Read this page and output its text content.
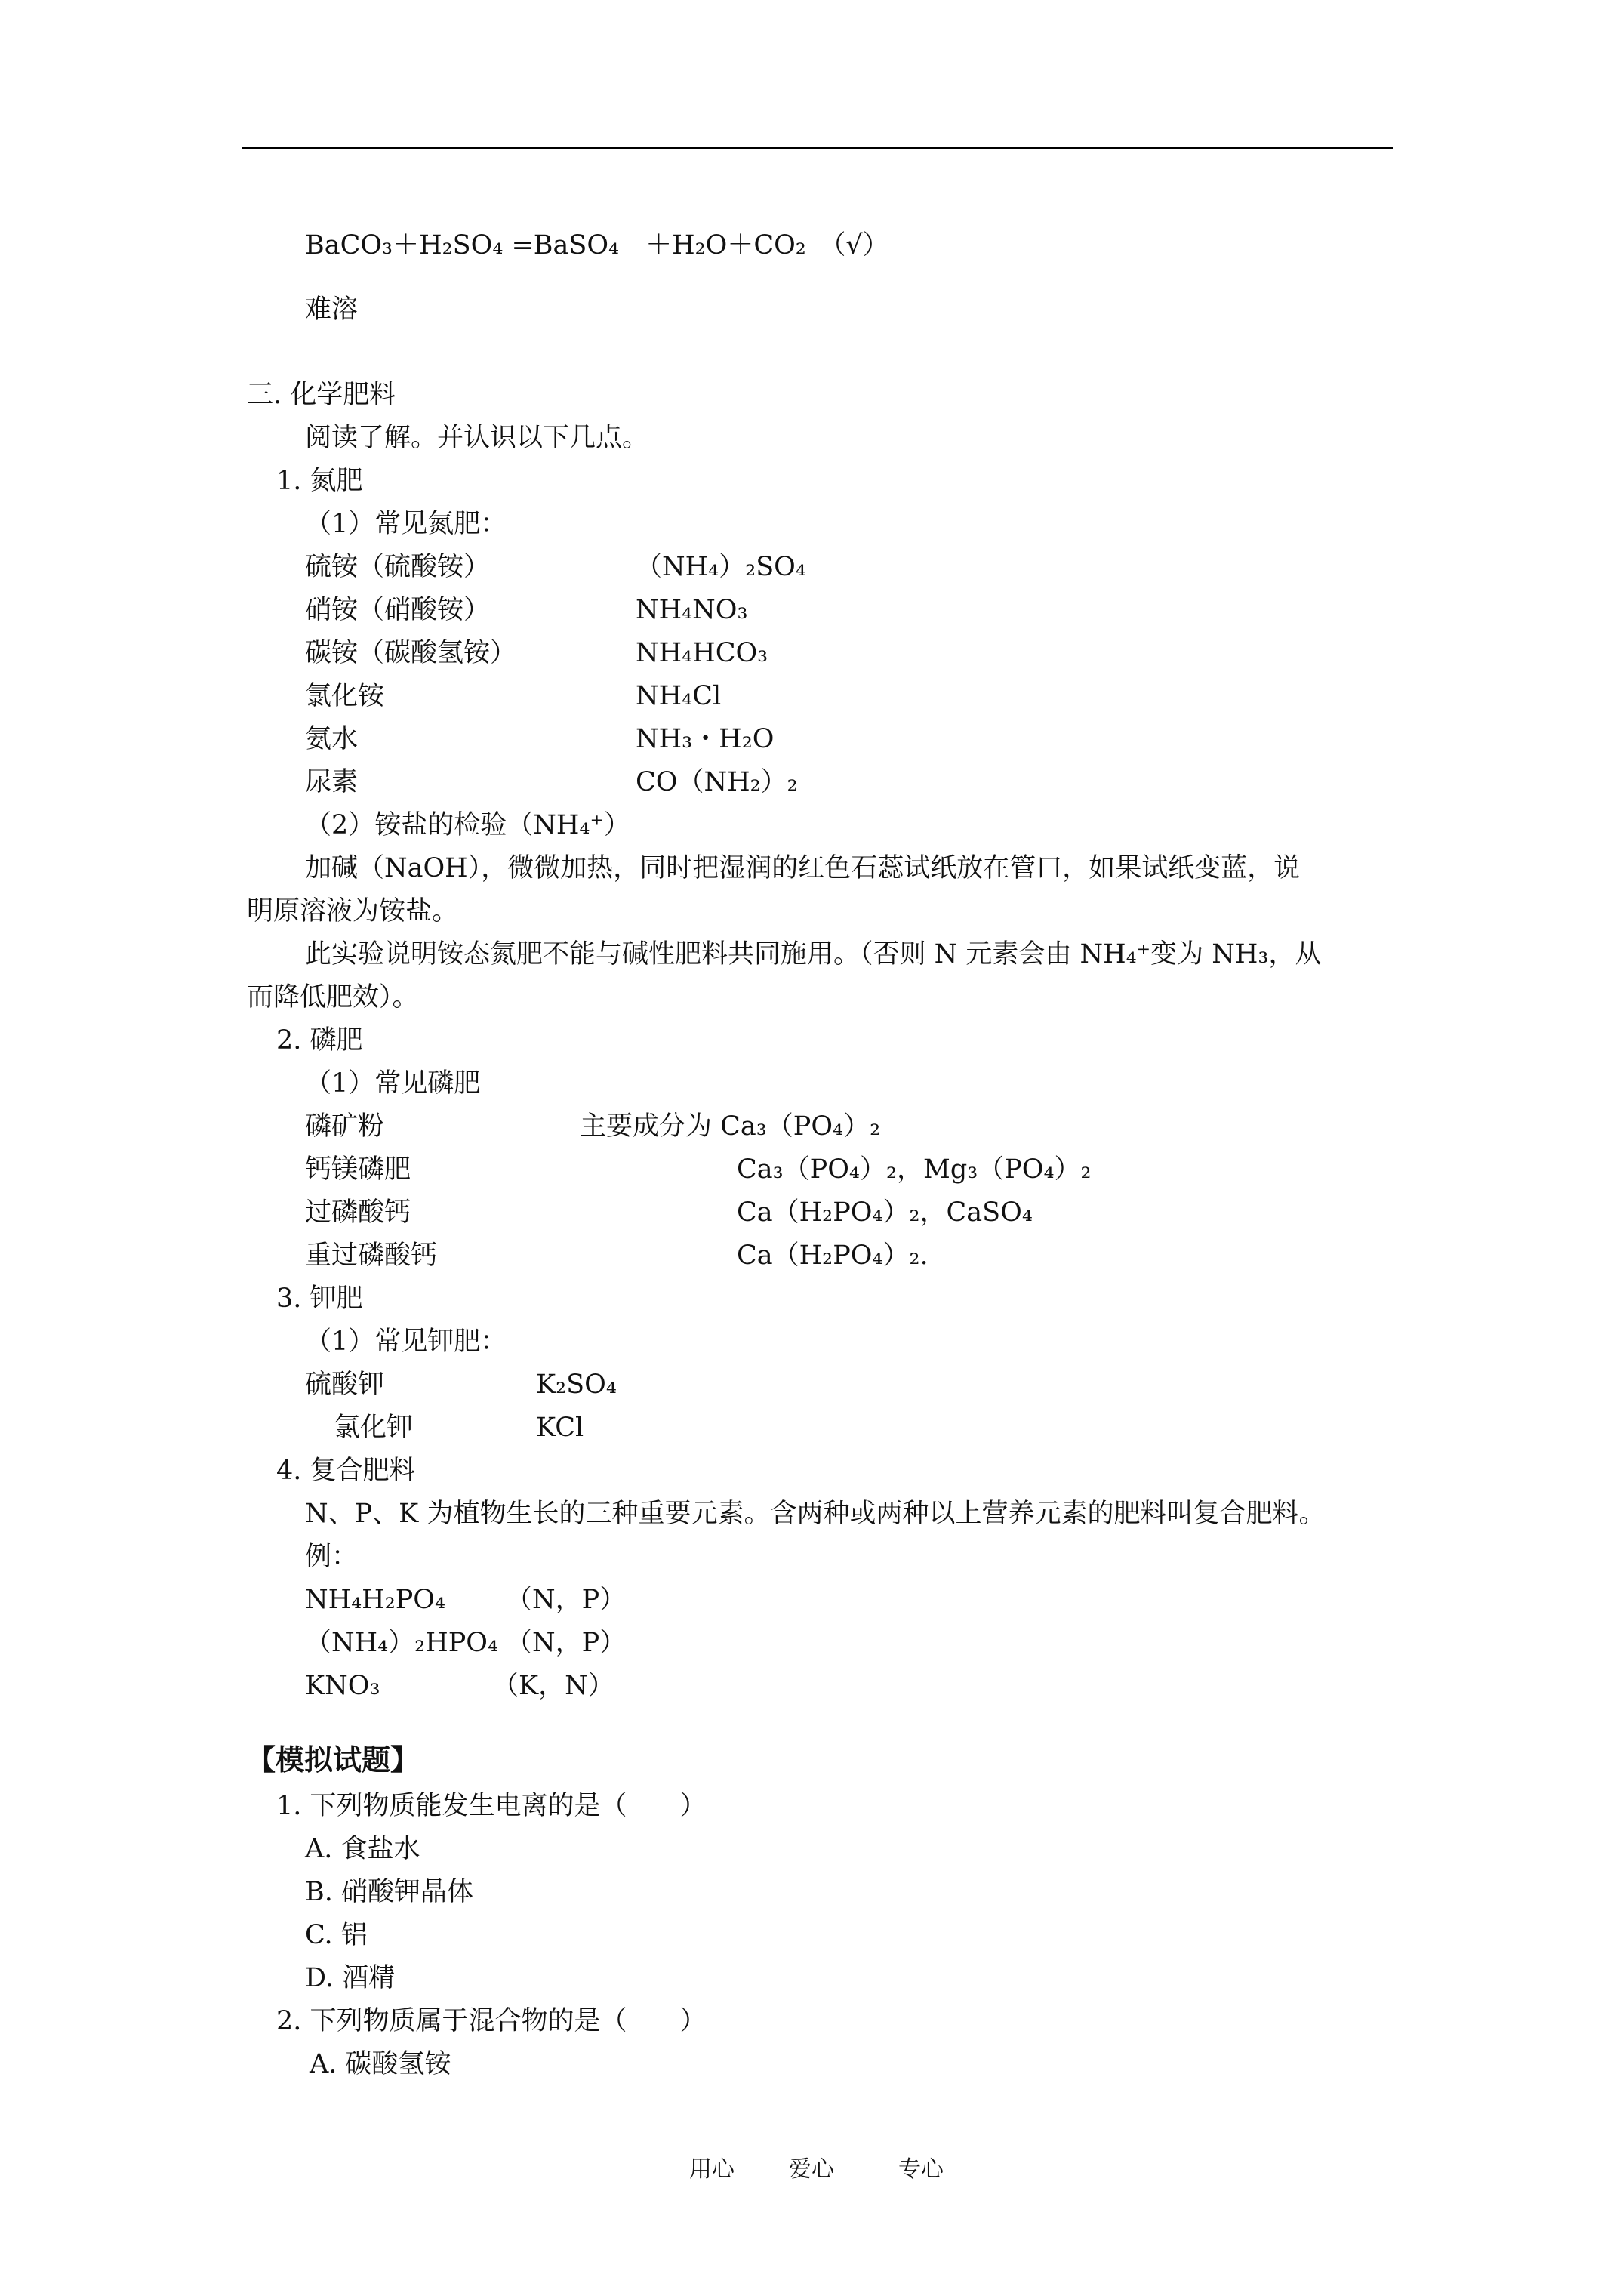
BaCO₃＋H₂SO₄ =BaSO₄　＋H₂O＋CO₂　（√）
难溶
三. 化学肥料
阅读了解。并认识以下几点。
1. 氮肥
（1）常见氮肥：
硫铵（硫酸铵）	（NH₄）₂SO₄
硝铵（硝酸铵）	NH₄NO₃
碳铵（碳酸氢铵）	NH₄HCO₃
氯化铵	NH₄Cl
氨水	NH₃・H₂O
尿素	CO（NH₂）₂
（2）铵盐的检验（NH₄⁺）
加碱（NaOH），微微加热，同时把湿润的红色石蕊试纸放在管口，如果试纸变蓝，说
明原溶液为铵盐。
此实验说明铵态氮肥不能与碱性肥料共同施用。（否则 N 元素会由 NH₄⁺变为 NH₃，从
而降低肥效）。
2. 磷肥
（1）常见磷肥
磷矿粉	主要成分为 Ca₃（PO₄）₂
钙镁磷肥	Ca₃（PO₄）₂，Mg₃（PO₄）₂
过磷酸钙	Ca（H₂PO₄）₂，CaSO₄
重过磷酸钙	Ca（H₂PO₄）₂.
3. 钾肥
（1）常见钾肥：
硫酸钾	K₂SO₄
氯化钾	KCl
4. 复合肥料
N、P、K 为植物生长的三种重要元素。含两种或两种以上营养元素的肥料叫复合肥料。
例：
NH₄H₂PO₄ （N，P）
（NH₄）₂HPO₄ （N，P）
KNO₃	（K，N）
【模拟试题】
1. 下列物质能发生电离的是（　　）
A. 食盐水
B. 硝酸钾晶体
C. 铝
D. 酒精
2. 下列物质属于混合物的是（　　）
A. 碳酸氢铵
用心 爱心	专心
